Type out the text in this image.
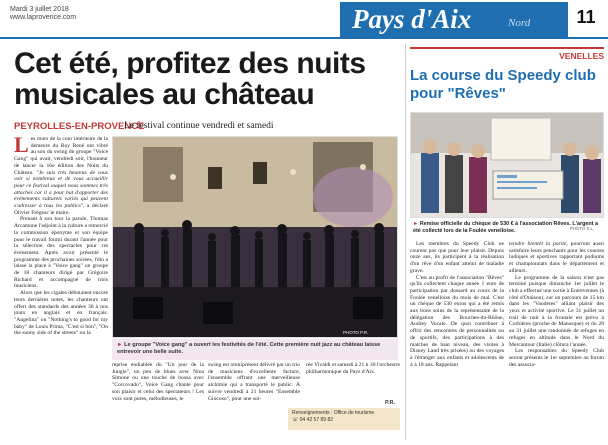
Mardi 3 juillet 2018
www.laprovence.com	Pays d'Aix	Nord	11
Cet été, profitez des nuits
musicales au château
PEYROLLES-EN-PROVENCE
Le festival continue vendredi et samedi
Les murs de la cour intérieure de la demeure du Roy René ont vibré au son du swing du groupe "Voice Gang" qui avait, vendredi soir, l'honneur de lancer la 16e édition des Nuits du Château. "Je suis très heureux de vous voir si nombreux et de vous accueillir pour ce festival auquel nous sommes très attachés car il a pour but d'apporter des événements culturels variés qui peuvent s'adresser à tous les publics", a déclaré Olivier Frégeac le maire.

Prenant à son tour la parole, Thomas Arcamone l'adjoint à la culture a remercié la commission éponyme et son équipe pour le travail fourni durant l'année pour la sélection des spectacles pour cet événement. Après avoir présenté le programme des prochaines soirées, l'élu a laissé la place à "Voice gang" un groupe de 18 chanteurs dirigé par Grégoire Richard et accompagné de trois musiciens.

Alors que les cigales débutaient encore leurs dernières notes, les chanteurs ont offert des standards des années 30 à nos jours en anglais et en français. "Angelina" ou "Nothing's to good for my baby" de Louis Prima, "C'est si bon", "On the sunny side of the streets" ou la	PHOTO P.R.
► Le groupe "Voice gang" a ouvert les festivités de l'été. Cette première nuit jazz au château laisse entrevoir une belle suite.
reprise endiablée du "Un jour de la Jungle", un peu de blues avec Nina Simone ou une touche de bossa avec "Corcovado", Voice Gang chante pour son plaisir et celui des spectateurs ! Les voix sont pures, mélodieuses, le
swing est omniprésent délivré par un trio de musiciens d'excellente facture, l'ensemble offrant une merveilleuse alchimie qui a transporté le public. À suivre vendredi à 21 heures "Ensemble Giocoso", pour une soi-
rée Vivaldi et samedi à 21 h 30 l'orchestre philharmonique du Pays d'Aix.
P.R.
Renseignements : Office de tourisme
☏ 04 42 57 89 82
VENELLES
La course du Speedy club pour "Rêves"
► Remise officielle du chèque de 530 € à l'association Rêves. L'argent a été collecté lors de la Foulée venelloise.	PHOTO S.L.

Les membres du Speedy Club ne courent pas que pour leur plaisir. Depuis onze ans, ils participent à la réalisation d'un rêve d'un enfant atteint de maladie grave.

C'est au profit de l'association "Rêves" qu'ils collectent chaque année 1 euro de participation par dossard au cours de la Foulée venelloise du mois de mai. C'est un chèque de 530 euros qui a été remis aux bons soins de la représentante de la délégation des Bouches-du-Rhône, Audrey Vocale. De quoi contribuer à offrir des rencontres de personnalités ou de sportifs, des participations à des matches de haut niveau, des visites à Disney Land très prisées) ou des voyages à l'étranger aux enfants et adolescents de 4 à 18 ans. Rappelant

teindre bientôt la parité, pourront aussi satisfaire leurs penchants pour les courses ludiques et sportives rapportant podiums et championnats dans le département et ailleurs.

Le programme de la saison n'est pas terminé puisque dimanche 1er juillet le club a effectué une sortie à Entrevennes (à côté d'Oraison), sur un parcours de 15 km dans les "Vaudères" alliant plaisir des yeux et activité sportive. Le 31 juillet un trail de nuit à la frontale est prévu à Corbières (proche de Manosque) et du 28 au 31 juillet une randonnée de refuges en refuges en altitude dans le Nord du Mercantour (Italie) clôtura l'année.

Les responsables du Speedy Club seront présents le 1er septembre au forum des associa-
